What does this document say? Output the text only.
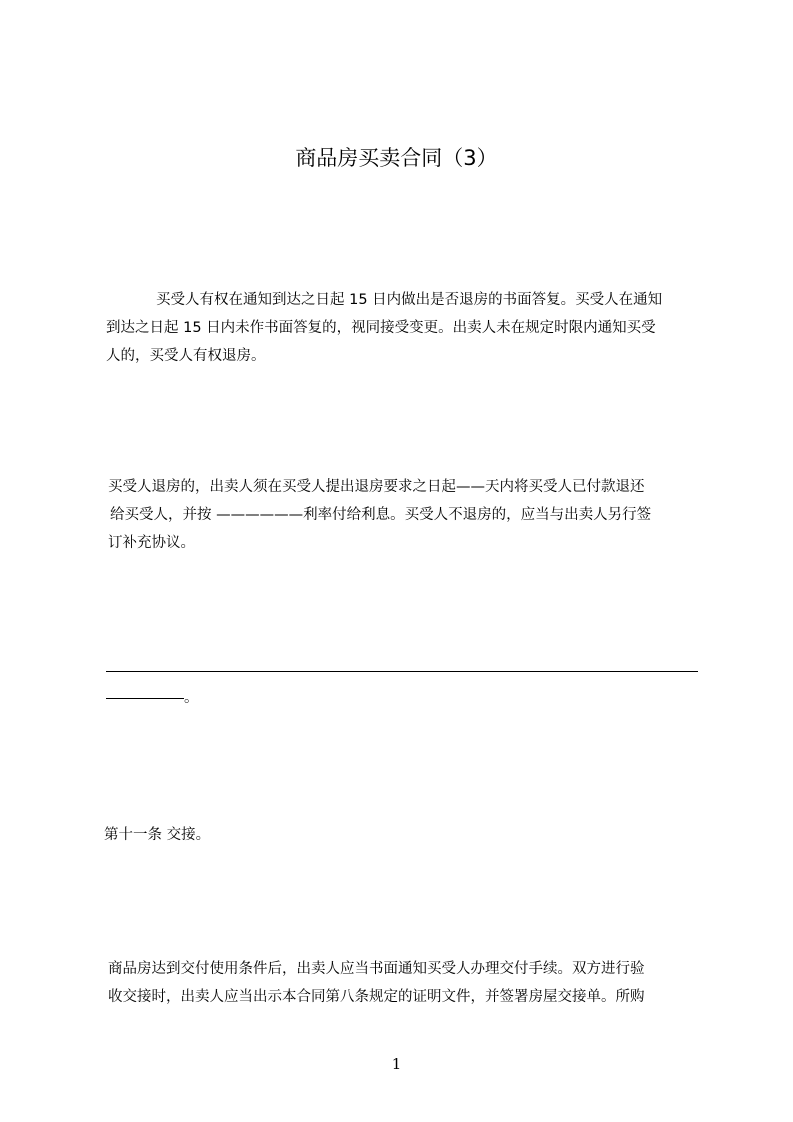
商品房买卖合同（3）
买受人有权在通知到达之日起 15 日内做出是否退房的书面答复。买受人在通知
到达之日起 15 日内未作书面答复的，视同接受变更。出卖人未在规定时限内通知买受
人的，买受人有权退房。
买受人退房的，出卖人须在买受人提出退房要求之日起——天内将买受人已付款退还
给买受人，并按 ——————利率付给利息。买受人不退房的，应当与出卖人另行签
订补充协议。
。
第十一条 交接。
商品房达到交付使用条件后，出卖人应当书面通知买受人办理交付手续。双方进行验
收交接时，出卖人应当出示本合同第八条规定的证明文件，并签署房屋交接单。所购
1
